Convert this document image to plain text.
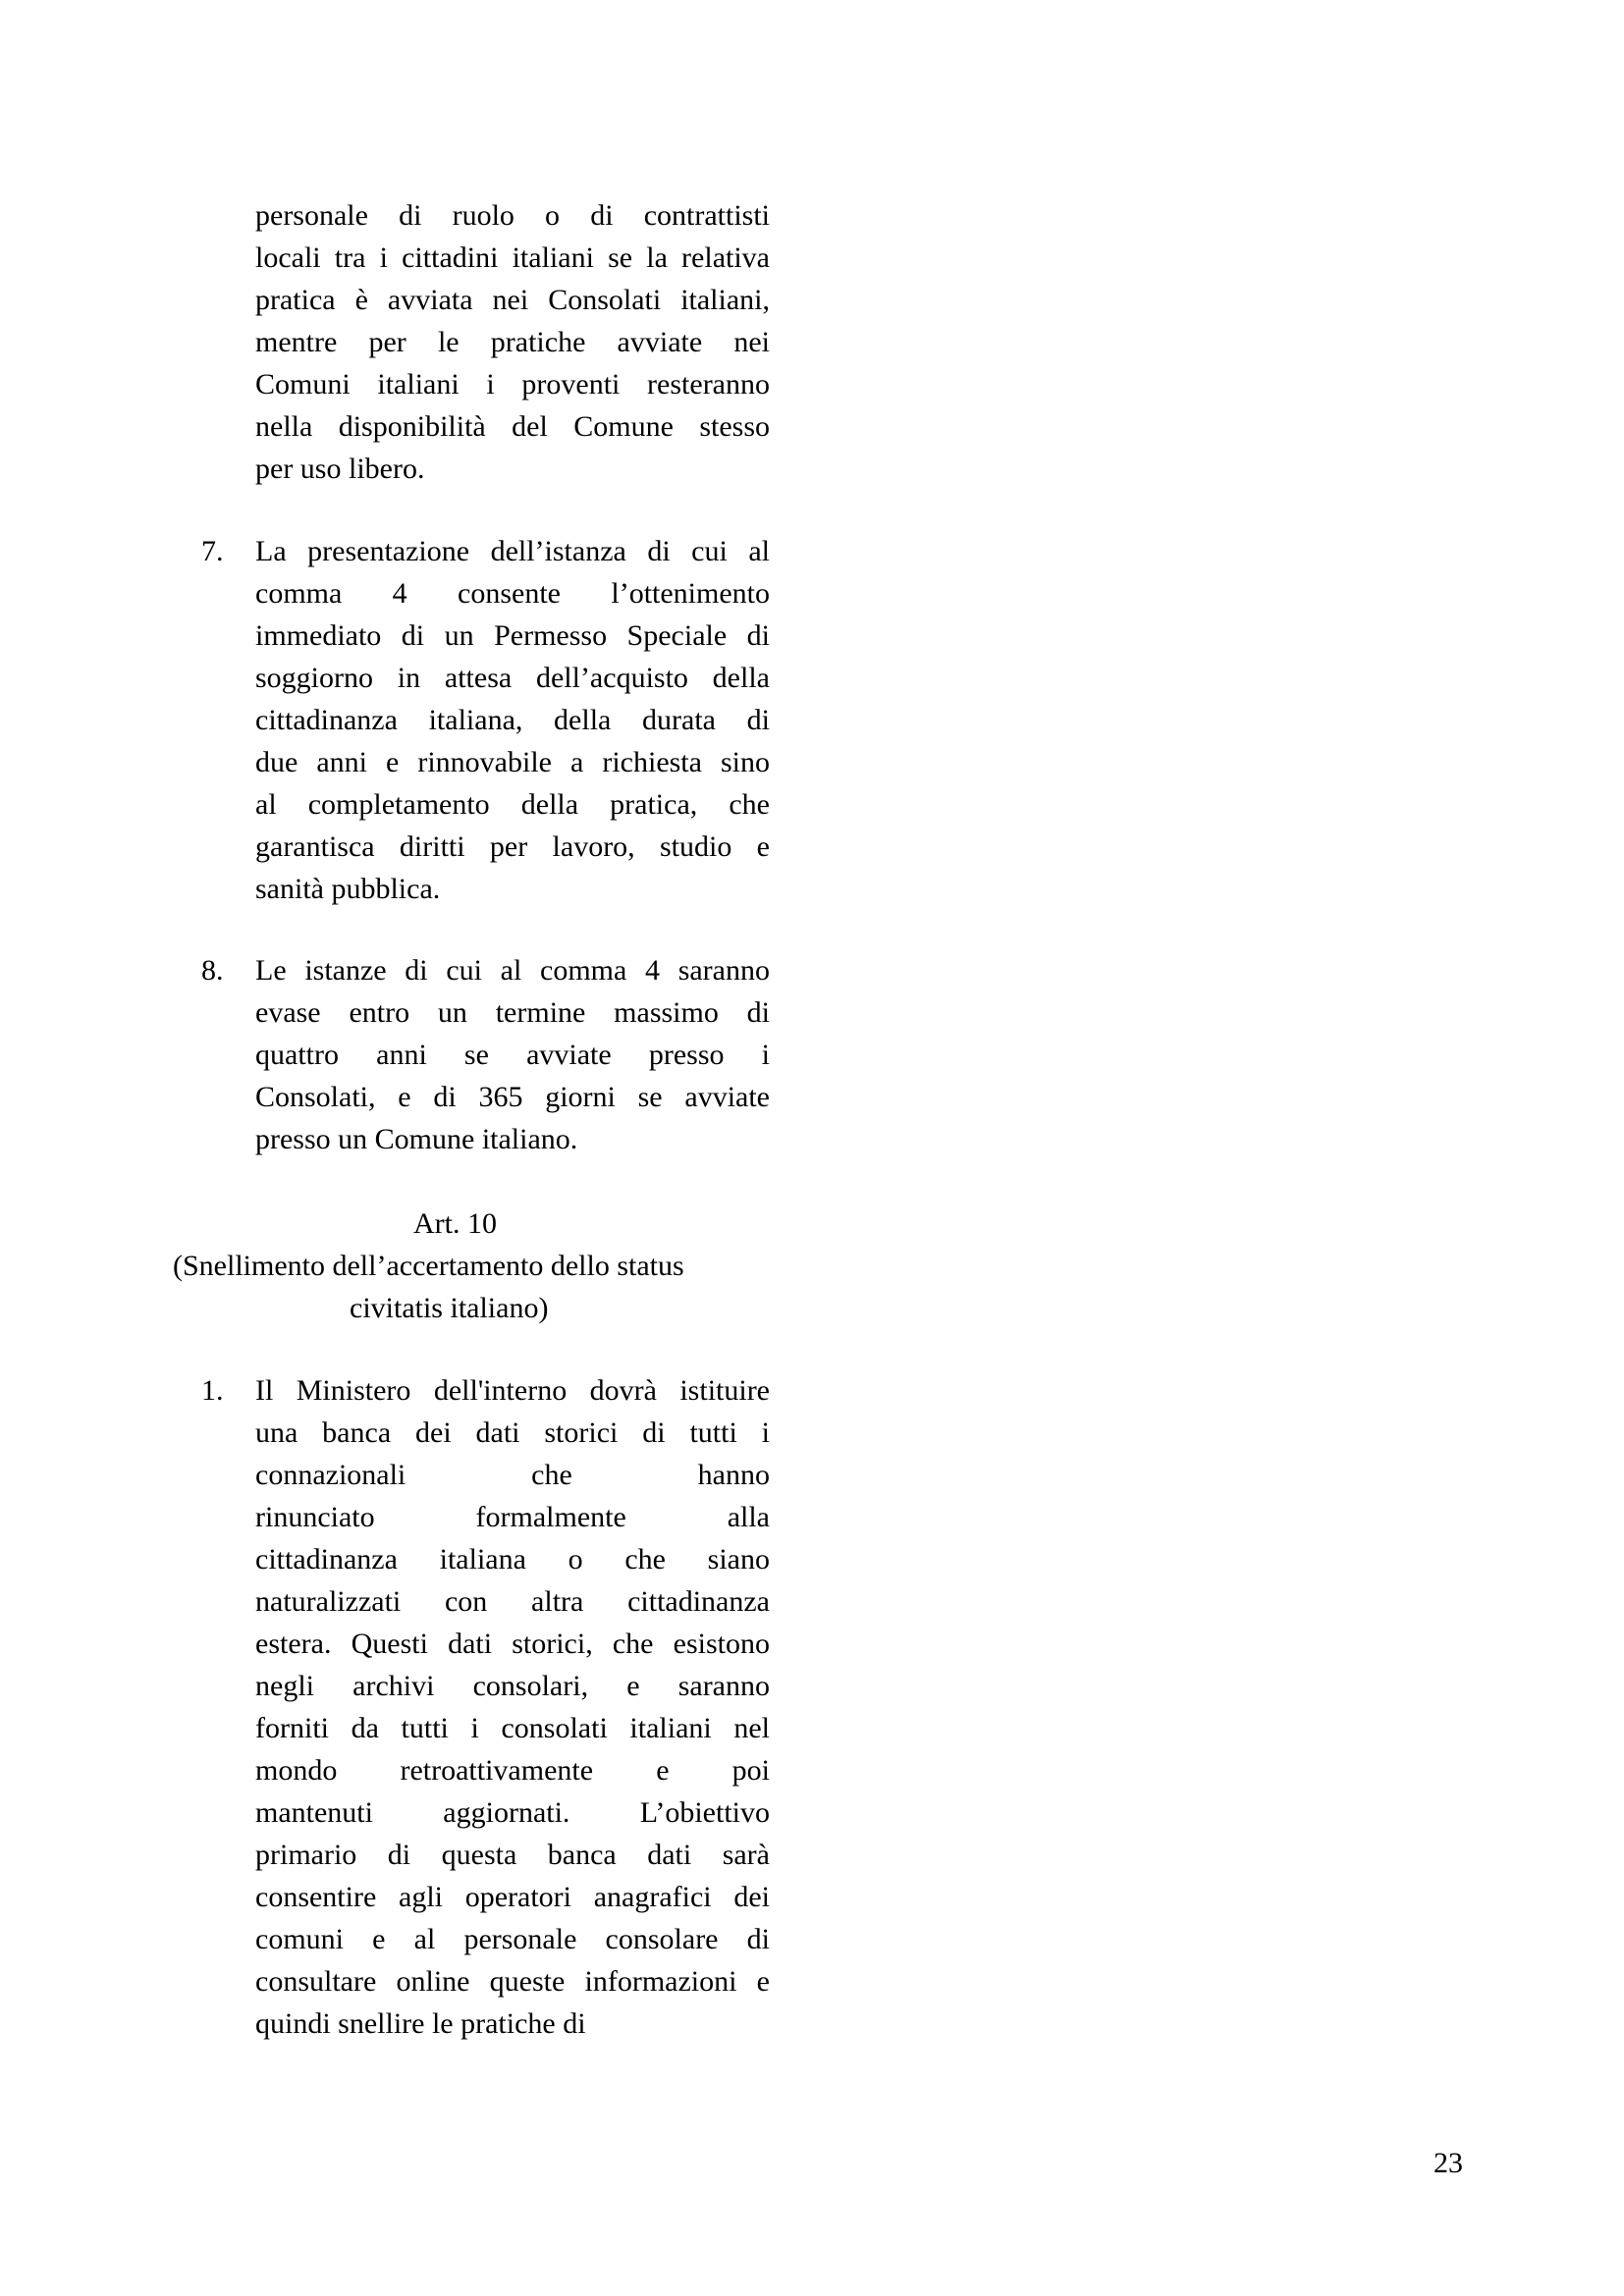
personale di ruolo o di contrattisti
locali tra i cittadini italiani se la relativa
pratica è avviata nei Consolati italiani,
mentre per le pratiche avviate nei
Comuni italiani i proventi resteranno
nella disponibilità del Comune stesso
per uso libero.
7.	La presentazione dell’istanza di cui al
comma 4 consente l’ottenimento
immediato di un Permesso Speciale di
soggiorno in attesa dell’acquisto della
cittadinanza italiana, della durata di
due anni e rinnovabile a richiesta sino
al completamento della pratica, che
garantisca diritti per lavoro, studio e
sanità pubblica.
8.	Le istanze di cui al comma 4 saranno
evase entro un termine massimo di
quattro anni se avviate presso i
Consolati, e di 365 giorni se avviate
presso un Comune italiano.
Art. 10
(Snellimento dell’accertamento dello status
civitatis italiano)
1.	Il Ministero dell'interno dovrà istituire
una banca dei dati storici di tutti i
connazionali che hanno
rinunciato formalmente alla
cittadinanza italiana o che siano
naturalizzati con altra cittadinanza
estera. Questi dati storici, che esistono
negli archivi consolari, e saranno
forniti da tutti i consolati italiani nel
mondo retroattivamente e poi
mantenuti aggiornati. L’obiettivo
primario di questa banca dati sarà
consentire agli operatori anagrafici dei
comuni e al personale consolare di
consultare online queste informazioni e
quindi snellire le pratiche di
23
